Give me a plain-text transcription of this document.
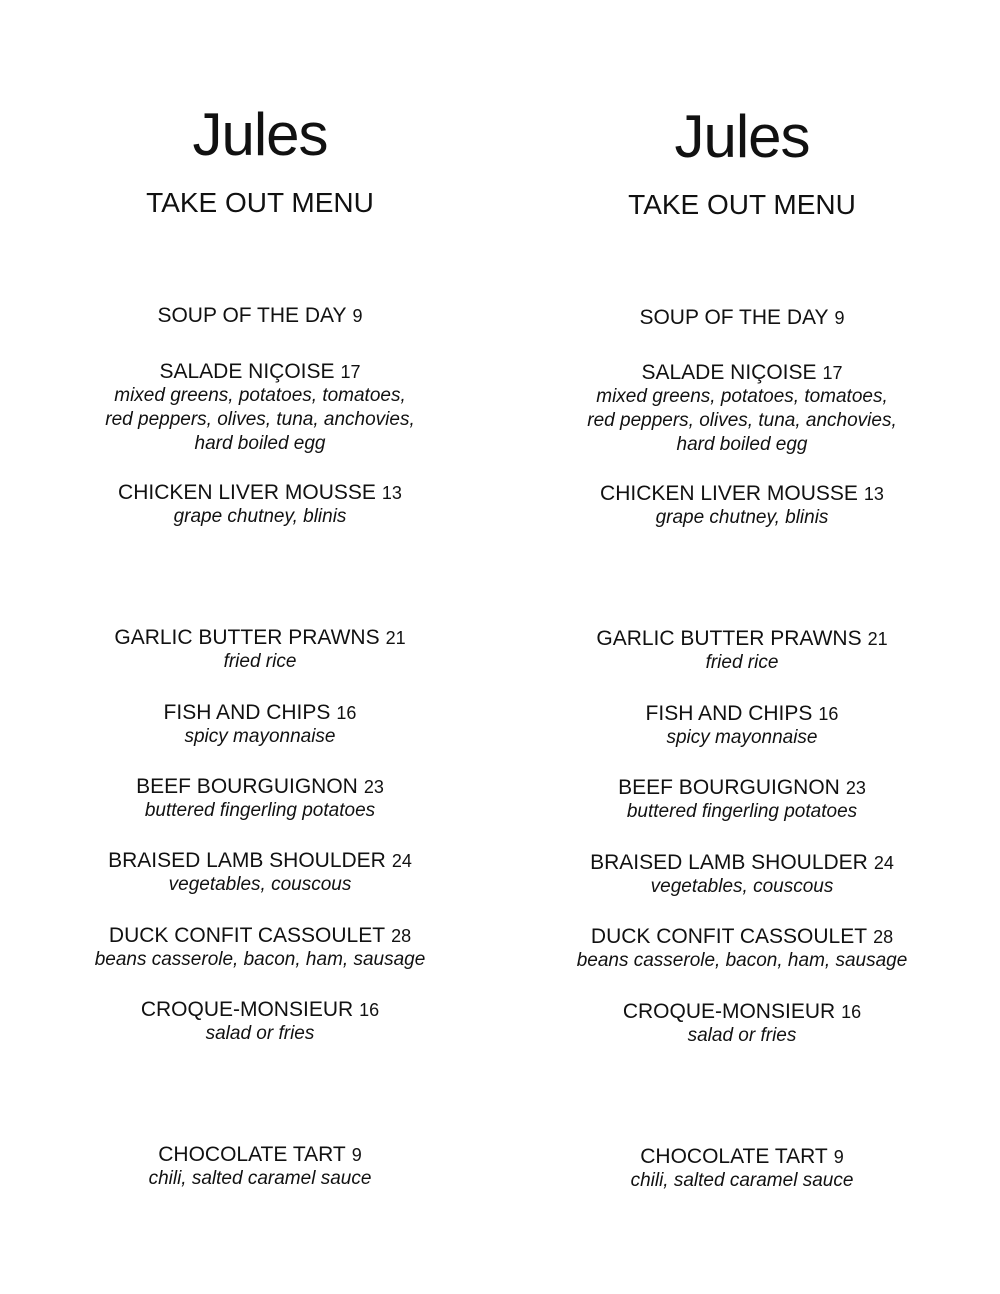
Jules
TAKE OUT MENU
SOUP OF THE DAY 9
SALADE NIÇOISE 17
mixed greens, potatoes, tomatoes,
red peppers, olives, tuna, anchovies,
hard boiled egg
CHICKEN LIVER MOUSSE 13
grape chutney, blinis
GARLIC BUTTER PRAWNS 21
fried rice
FISH AND CHIPS 16
spicy mayonnaise
BEEF BOURGUIGNON 23
buttered fingerling potatoes
BRAISED LAMB SHOULDER 24
vegetables, couscous
DUCK CONFIT CASSOULET 28
beans casserole, bacon, ham, sausage
CROQUE-MONSIEUR 16
salad or fries
CHOCOLATE TART 9
chili, salted caramel sauce
Jules
TAKE OUT MENU
SOUP OF THE DAY 9
SALADE NIÇOISE 17
mixed greens, potatoes, tomatoes,
red peppers, olives, tuna, anchovies,
hard boiled egg
CHICKEN LIVER MOUSSE 13
grape chutney, blinis
GARLIC BUTTER PRAWNS 21
fried rice
FISH AND CHIPS 16
spicy mayonnaise
BEEF BOURGUIGNON 23
buttered fingerling potatoes
BRAISED LAMB SHOULDER 24
vegetables, couscous
DUCK CONFIT CASSOULET 28
beans casserole, bacon, ham, sausage
CROQUE-MONSIEUR 16
salad or fries
CHOCOLATE TART 9
chili, salted caramel sauce
